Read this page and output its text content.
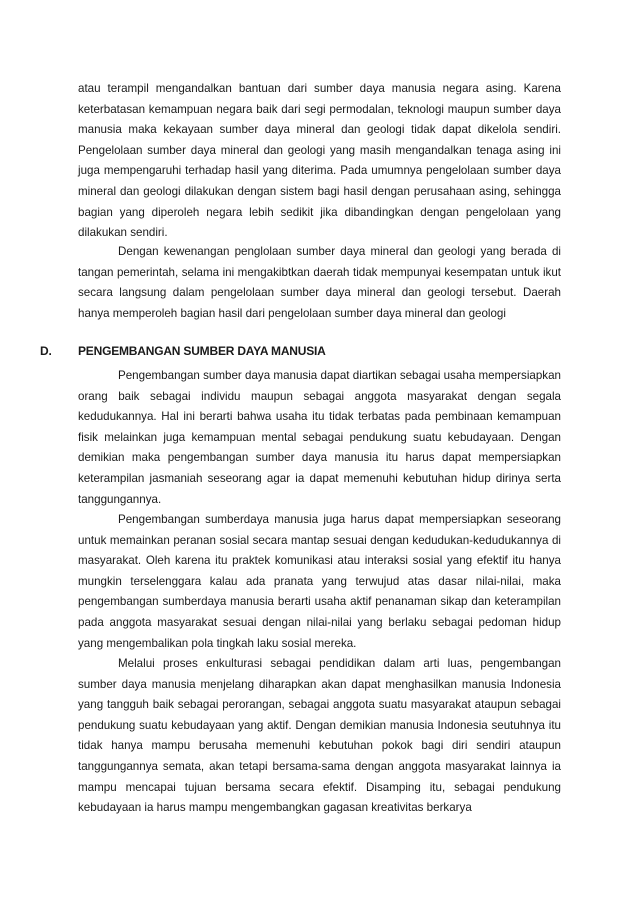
atau terampil mengandalkan bantuan dari sumber daya manusia negara asing. Karena keterbatasan kemampuan negara baik dari segi permodalan, teknologi maupun sumber daya manusia maka kekayaan sumber daya mineral dan geologi tidak dapat dikelola sendiri. Pengelolaan sumber daya mineral dan geologi yang masih mengandalkan tenaga asing ini juga mempengaruhi terhadap hasil yang diterima. Pada umumnya pengelolaan sumber daya mineral dan geologi dilakukan dengan sistem bagi hasil dengan perusahaan asing, sehingga bagian yang diperoleh negara lebih sedikit jika dibandingkan dengan pengelolaan yang dilakukan sendiri.

Dengan kewenangan penglolaan sumber daya mineral dan geologi yang berada di tangan pemerintah, selama ini mengakibtkan daerah tidak mempunyai kesempatan untuk ikut secara langsung dalam pengelolaan sumber daya mineral dan geologi tersebut. Daerah hanya memperoleh bagian hasil dari pengelolaan sumber daya mineral dan geologi

D. PENGEMBANGAN SUMBER DAYA MANUSIA

Pengembangan sumber daya manusia dapat diartikan sebagai usaha mempersiapkan orang baik sebagai individu maupun sebagai anggota masyarakat dengan segala kedudukannya. Hal ini berarti bahwa usaha itu tidak terbatas pada pembinaan kemampuan fisik melainkan juga kemampuan mental sebagai pendukung suatu kebudayaan. Dengan demikian maka pengembangan sumber daya manusia itu harus dapat mempersiapkan keterampilan jasmaniah seseorang agar ia dapat memenuhi kebutuhan hidup dirinya serta tanggungannya.

Pengembangan sumberdaya manusia juga harus dapat mempersiapkan seseorang untuk memainkan peranan sosial secara mantap sesuai dengan kedudukan-kedudukannya di masyarakat. Oleh karena itu praktek komunikasi atau interaksi sosial yang efektif itu hanya mungkin terselenggara kalau ada pranata yang terwujud atas dasar nilai-nilai, maka pengembangan sumberdaya manusia berarti usaha aktif penanaman sikap dan keterampilan pada anggota masyarakat sesuai dengan nilai-nilai yang berlaku sebagai pedoman hidup yang mengembalikan pola tingkah laku sosial mereka.

Melalui proses enkulturasi sebagai pendidikan dalam arti luas, pengembangan sumber daya manusia menjelang diharapkan akan dapat menghasilkan manusia Indonesia yang tangguh baik sebagai perorangan, sebagai anggota suatu masyarakat ataupun sebagai pendukung suatu kebudayaan yang aktif. Dengan demikian manusia Indonesia seutuhnya itu tidak hanya mampu berusaha memenuhi kebutuhan pokok bagi diri sendiri ataupun tanggungannya semata, akan tetapi bersama-sama dengan anggota masyarakat lainnya ia mampu mencapai tujuan bersama secara efektif. Disamping itu, sebagai pendukung kebudayaan ia harus mampu mengembangkan gagasan kreativitas berkarya
